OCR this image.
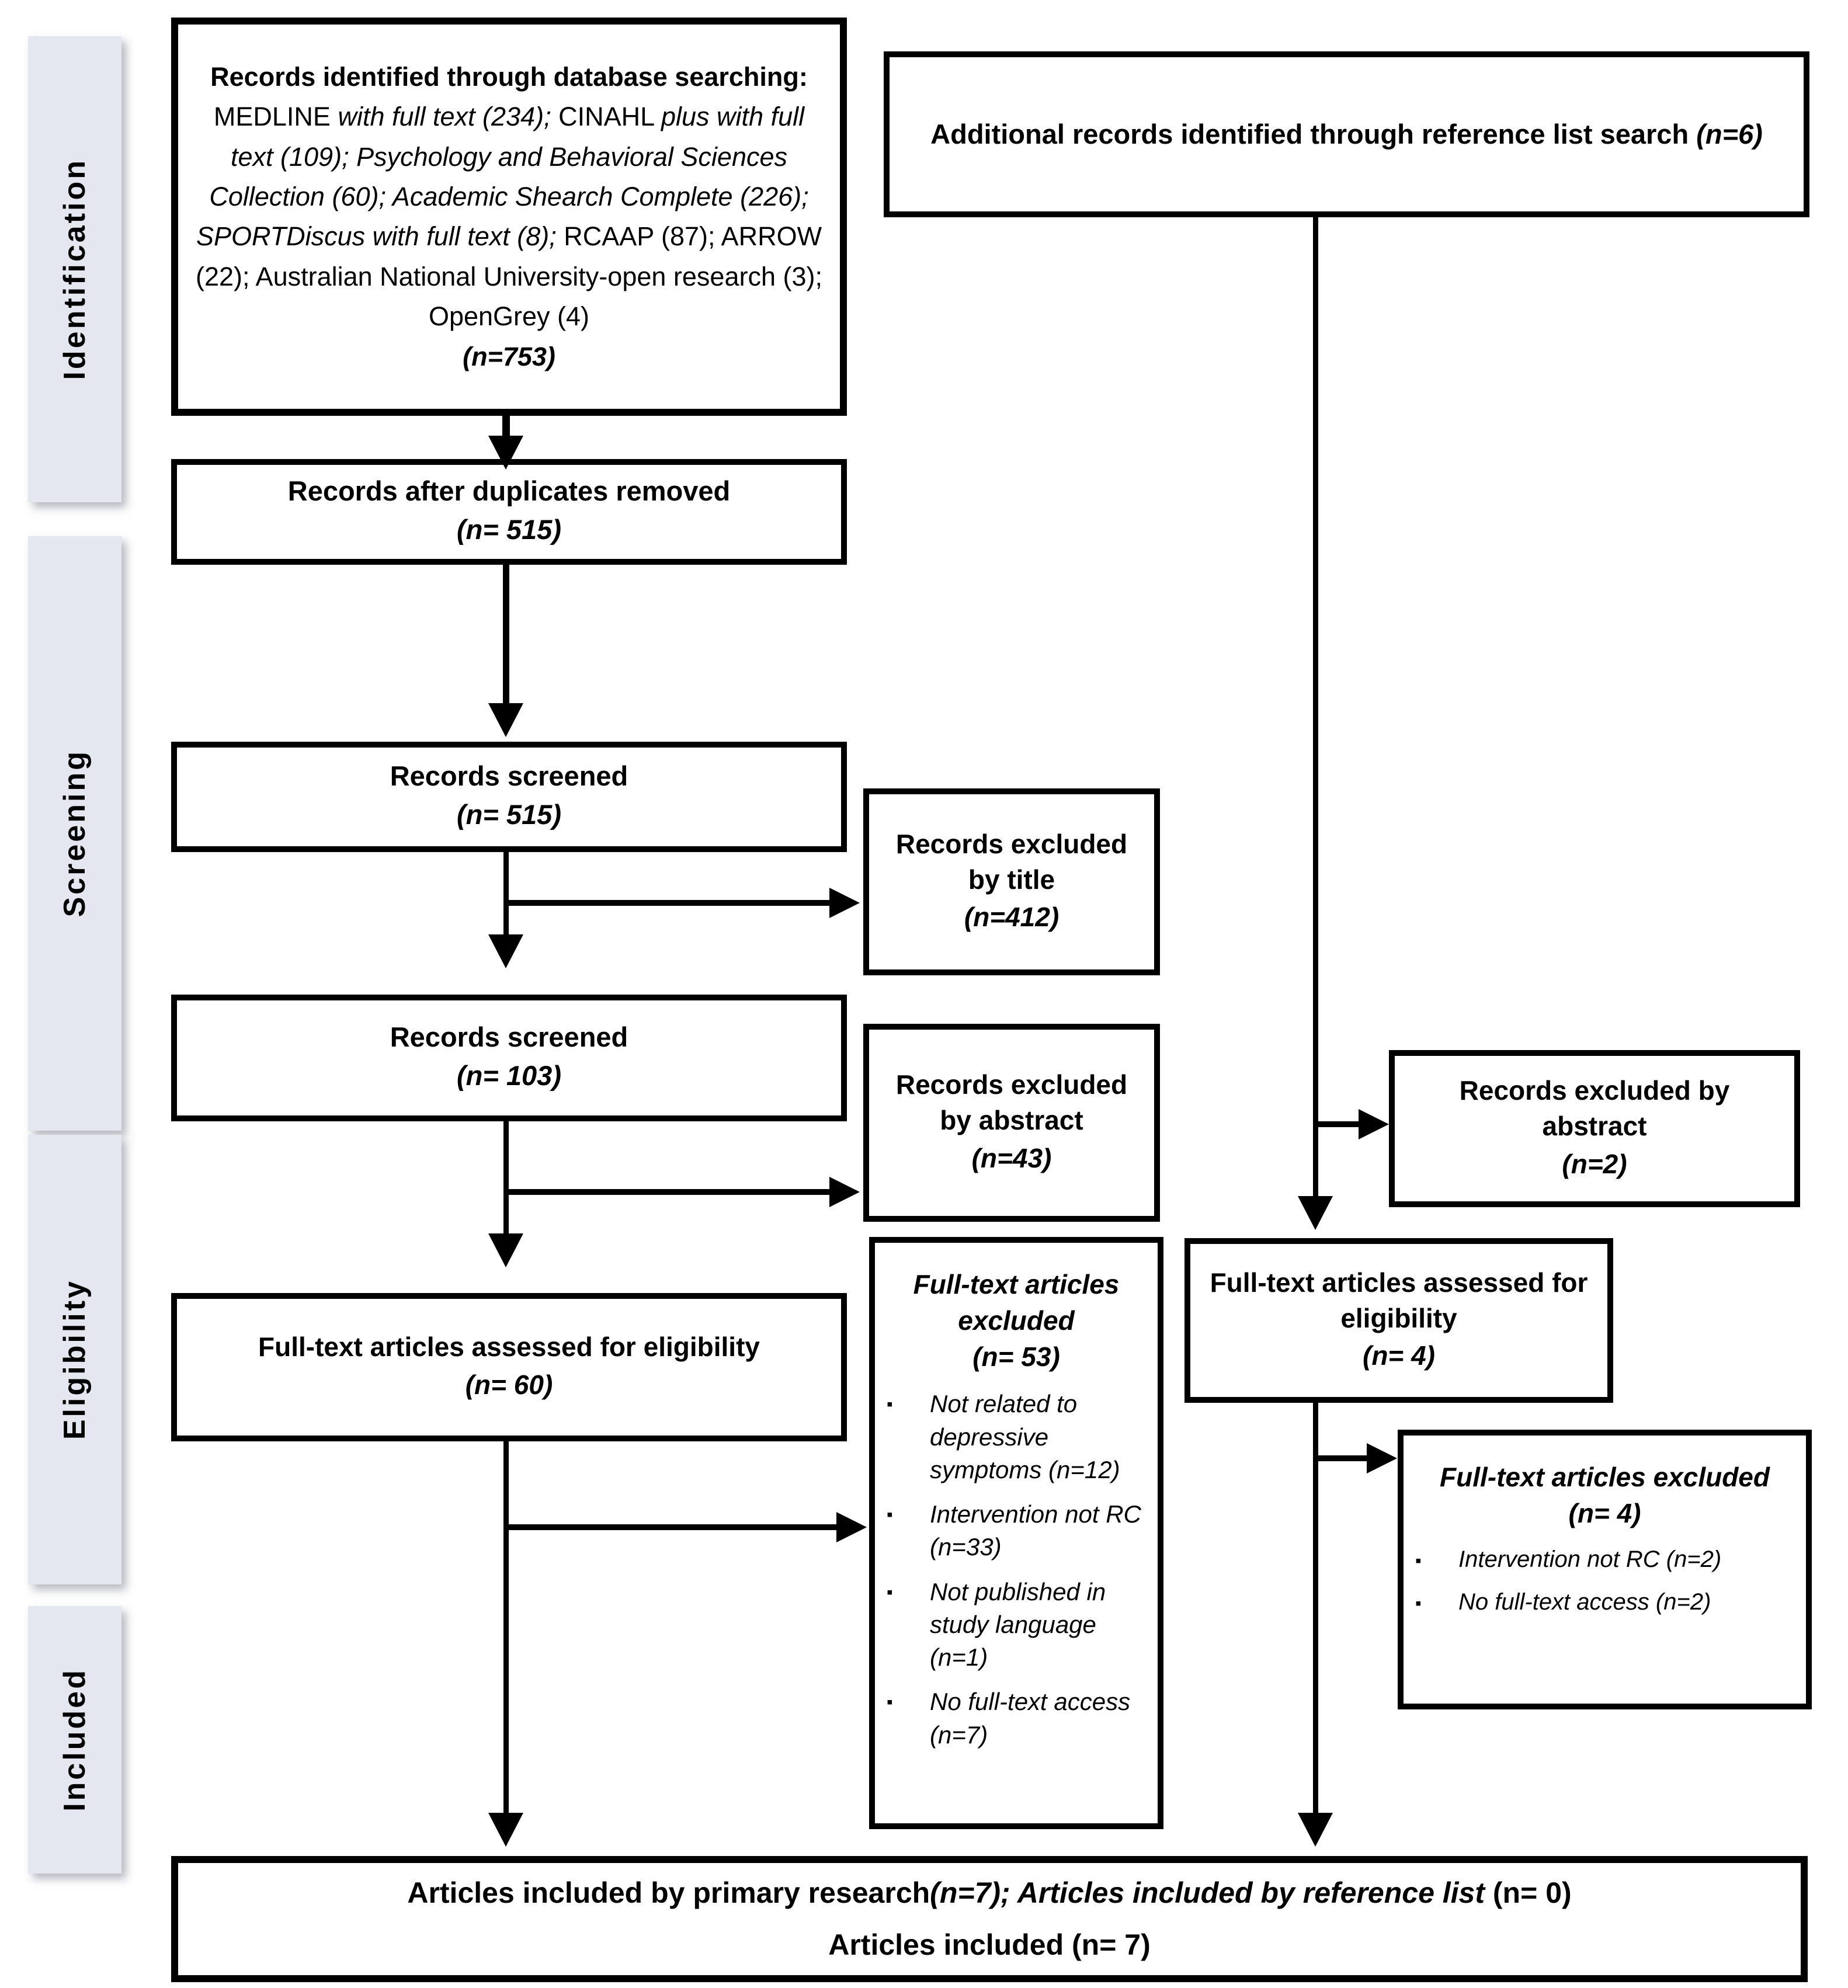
Identification
Screening
Eligibility
Included

Records identified through database searching: MEDLINE with full text (234); CINAHL plus with full text (109); Psychology and Behavioral Sciences Collection (60); Academic Shearch Complete (226); SPORTDiscus with full text (8); RCAAP (87); ARROW (22); Australian National University-open research (3); OpenGrey (4)

(n=753)

Additional records identified through reference list search (n=6)

Records after duplicates removed

(n= 515)

Records screened

(n= 515)

Records excluded by title

(n=412)

Records screened

(n= 103)	Records excluded by abstract

(n=43)

Full-text articles assessed for eligibility

(n= 60)

Full-text articles excluded

(n= 53)

▪	Not related to depressive symptoms (n=12)
▪	Intervention not RC (n=33)
▪	Not published in study language (n=1)
▪	No full-text access (n=7)

Records excluded by abstract

(n=2)

Full-text articles assessed for eligibility

(n= 4)

Full-text articles excluded

(n= 4)

▪	Intervention not RC (n=2)
▪	No full-text access (n=2)

Articles included by primary research(n=7); Articles included by reference list (n= 0)

Articles included (n= 7)
